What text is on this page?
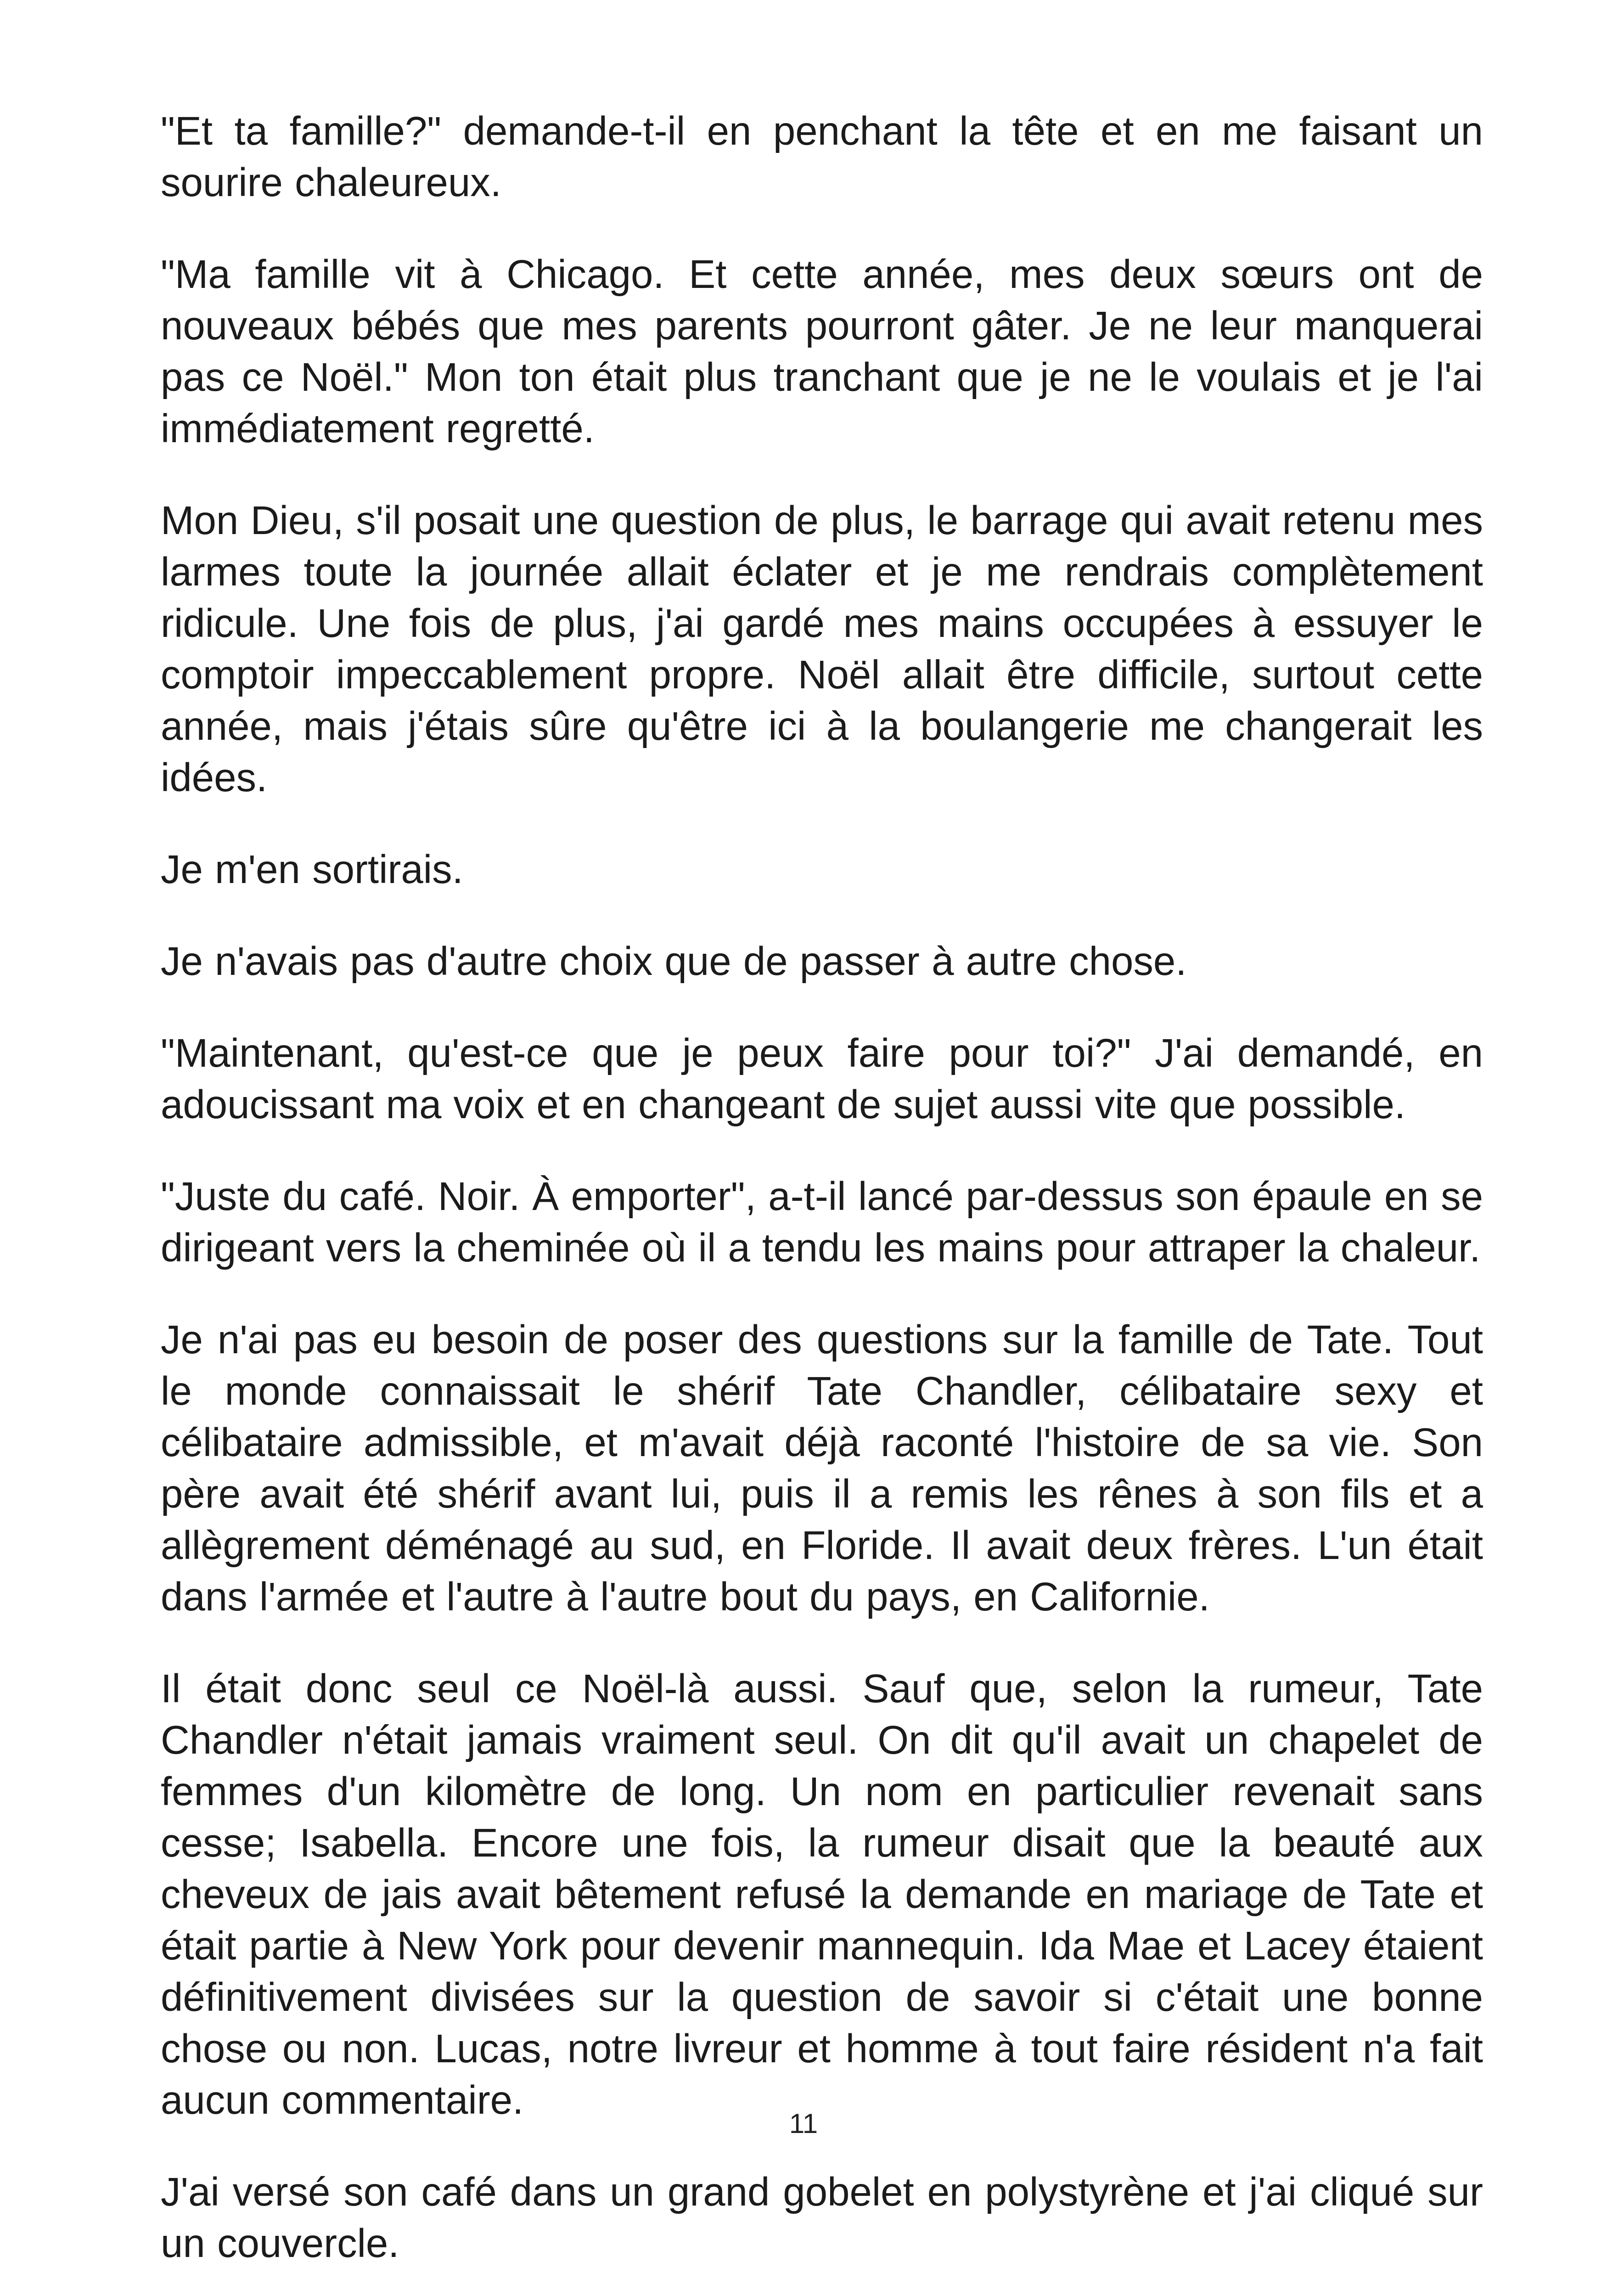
"Et ta famille?" demande-t-il en penchant la tête et en me faisant un sourire chaleureux.

"Ma famille vit à Chicago. Et cette année, mes deux sœurs ont de nouveaux bébés que mes parents pourront gâter. Je ne leur manquerai pas ce Noël." Mon ton était plus tranchant que je ne le voulais et je l'ai immédiatement regretté.

Mon Dieu, s'il posait une question de plus, le barrage qui avait retenu mes larmes toute la journée allait éclater et je me rendrais complètement ridicule. Une fois de plus, j'ai gardé mes mains occupées à essuyer le comptoir impeccablement propre. Noël allait être difficile, surtout cette année, mais j'étais sûre qu'être ici à la boulangerie me changerait les idées.

Je m'en sortirais.

Je n'avais pas d'autre choix que de passer à autre chose.

"Maintenant, qu'est-ce que je peux faire pour toi?" J'ai demandé, en adoucissant ma voix et en changeant de sujet aussi vite que possible.

"Juste du café. Noir. À emporter", a-t-il lancé par-dessus son épaule en se dirigeant vers la cheminée où il a tendu les mains pour attraper la chaleur.

Je n'ai pas eu besoin de poser des questions sur la famille de Tate. Tout le monde connaissait le shérif Tate Chandler, célibataire sexy et célibataire admissible, et m'avait déjà raconté l'histoire de sa vie. Son père avait été shérif avant lui, puis il a remis les rênes à son fils et a allègrement déménagé au sud, en Floride. Il avait deux frères. L'un était dans l'armée et l'autre à l'autre bout du pays, en Californie.

Il était donc seul ce Noël-là aussi. Sauf que, selon la rumeur, Tate Chandler n'était jamais vraiment seul. On dit qu'il avait un chapelet de femmes d'un kilomètre de long. Un nom en particulier revenait sans cesse; Isabella. Encore une fois, la rumeur disait que la beauté aux cheveux de jais avait bêtement refusé la demande en mariage de Tate et était partie à New York pour devenir mannequin. Ida Mae et Lacey étaient définitivement divisées sur la question de savoir si c'était une bonne chose ou non. Lucas, notre livreur et homme à tout faire résident n'a fait aucun commentaire.

J'ai versé son café dans un grand gobelet en polystyrène et j'ai cliqué sur un couvercle.

11
